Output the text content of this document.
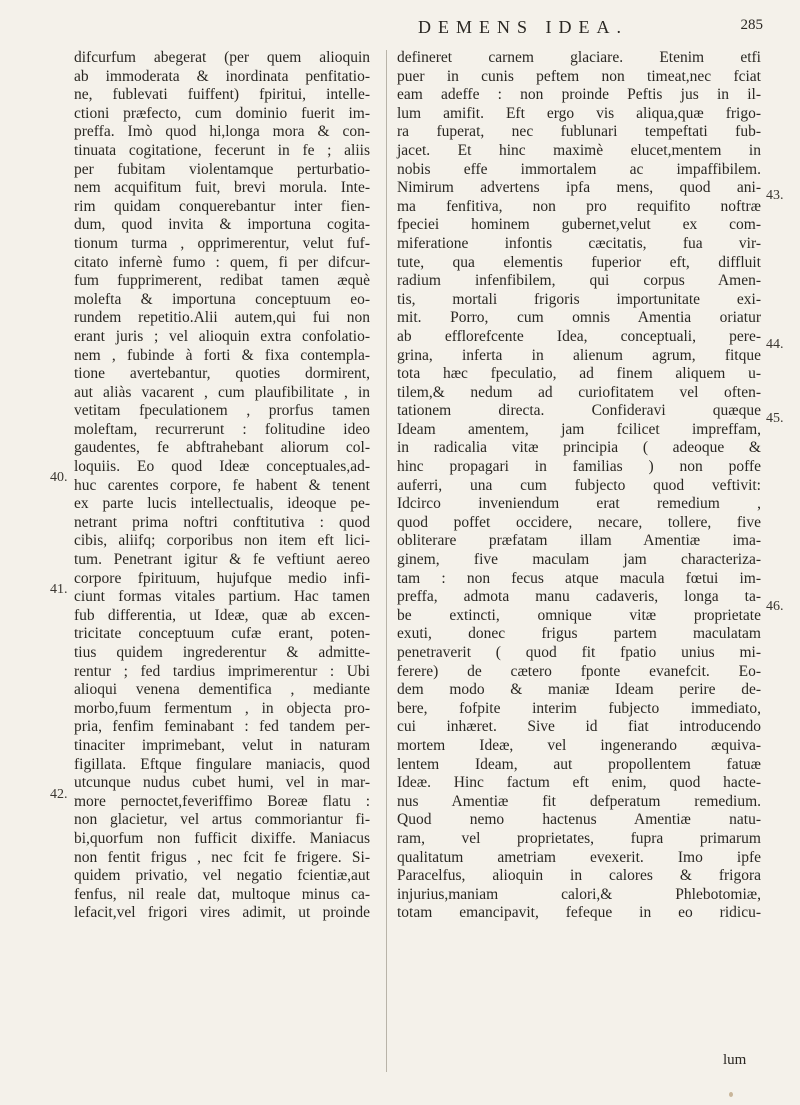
DEMENS IDEA.	285
difcurfum abegerat (per quem alioquin
ab immoderata & inordinata penfitatio-
ne, fublevati fuiffent) fpiritui, intelle-
ctioni præfecto, cum dominio fuerit im-
preffa. Imò quod hi,longa mora & con-
tinuata cogitatione, fecerunt in fe ; aliis
per fubitam violentamque perturbatio-
nem acquifitum fuit, brevi morula. Inte-
rim quidam conquerebantur inter fien-
dum, quod invita & importuna cogita-
tionum turma , opprimerentur, velut fuf-
citato infernè fumo : quem, fi per difcur-
fum fupprimerent, redibat tamen æquè
molefta & importuna conceptuum eo-
rundem repetitio.Alii autem,qui fui non
erant juris ; vel alioquin extra confolatio-
nem , fubinde à forti & fixa contempla-
tione avertebantur, quoties dormirent,
aut aliàs vacarent , cum plaufibilitate , in
vetitam fpeculationem , prorfus tamen
moleftam, recurrerunt : folitudine ideo
gaudentes, fe abftrahebant aliorum col-
loquiis. Eo quod Ideæ conceptuales,ad-
huc carentes corpore, fe habent & tenent
ex parte lucis intellectualis, ideoque pe-
netrant prima noftri conftitutiva : quod
cibis, aliifq; corporibus non item eft lici-
tum. Penetrant igitur & fe veftiunt aereo
corpore fpirituum, hujufque medio infi-
ciunt formas vitales partium. Hac tamen
fub differentia, ut Ideæ, quæ ab excen-
tricitate conceptuum cufæ erant, poten-
tius quidem ingrederentur & admitte-
rentur ; fed tardius imprimerentur : Ubi
alioqui venena dementifica , mediante
morbo,fuum fermentum , in objecta pro-
pria, fenfim feminabant : fed tandem per-
tinaciter imprimebant, velut in naturam
figillata. Eftque fingulare maniacis, quod
utcunque nudus cubet humi, vel in mar-
more pernoctet,feveriffimo Boreæ flatu :
non glacietur, vel artus commoriantur fi-
bi,quorfum non fufficit dixiffe. Maniacus
non fentit frigus , nec fcit fe frigere. Si-
quidem privatio, vel negatio fcientiæ,aut
fenfus, nil reale dat, multoque minus ca-
lefacit,vel frigori vires adimit, ut proinde
defineret carnem glaciare. Etenim etfi
puer in cunis peftem non timeat,nec fciat
eam adeffe : non proinde Peftis jus in il-
lum amifit. Eft ergo vis aliqua,quæ frigo-
ra fuperat, nec fublunari tempeftati fub-
jacet. Et hinc maximè elucet,mentem in
nobis effe immortalem ac impaffibilem.
Nimirum advertens ipfa mens, quod ani-
ma fenfitiva, non pro requifito noftræ
fpeciei hominem gubernet,velut ex com-
miferatione infontis cæcitatis, fua vir-
tute, qua elementis fuperior eft, diffluit
radium infenfibilem, qui corpus Amen-
tis, mortali frigoris importunitate exi-
mit. Porro, cum omnis Amentia oriatur
ab efflorefcente Idea, conceptuali, pere-
grina, inferta in alienum agrum, fitque
tota hæc fpeculatio, ad finem aliquem u-
tilem,& nedum ad curiofitatem vel often-
tationem directa. Confideravi quæque
Ideam amentem, jam fcilicet impreffam,
in radicalia vitæ principia ( adeoque &
hinc propagari in familias ) non poffe
auferri, una cum fubjecto quod veftivit:
Idcirco inveniendum erat remedium ,
quod poffet occidere, necare, tollere, five
obliterare præfatam illam Amentiæ ima-
ginem, five maculam jam characteriza-
tam : non fecus atque macula fœtui im-
preffa, admota manu cadaveris, longa ta-
be extincti, omnique vitæ proprietate
exuti, donec frigus partem maculatam
penetraverit ( quod fit fpatio unius mi-
ferere) de cætero fponte evanefcit. Eo-
dem modo & maniæ Ideam perire de-
bere, fofpite interim fubjecto immediato,
cui inhæret. Sive id fiat introducendo
mortem Ideæ, vel ingenerando æquiva-
lentem Ideam, aut propollentem fatuæ
Ideæ. Hinc factum eft enim, quod hacte-
nus Amentiæ fit defperatum remedium.
Quod nemo hactenus Amentiæ natu-
ram, vel proprietates, fupra primarum
qualitatum ametriam evexerit. Imo ipfe
Paracelfus, alioquin in calores & frigora
injurius,maniam calori,& Phlebotomiæ,
totam emancipavit, fefeque in eo ridicu-
40.
41.
42.
43.
44.
45.
46.
lum
